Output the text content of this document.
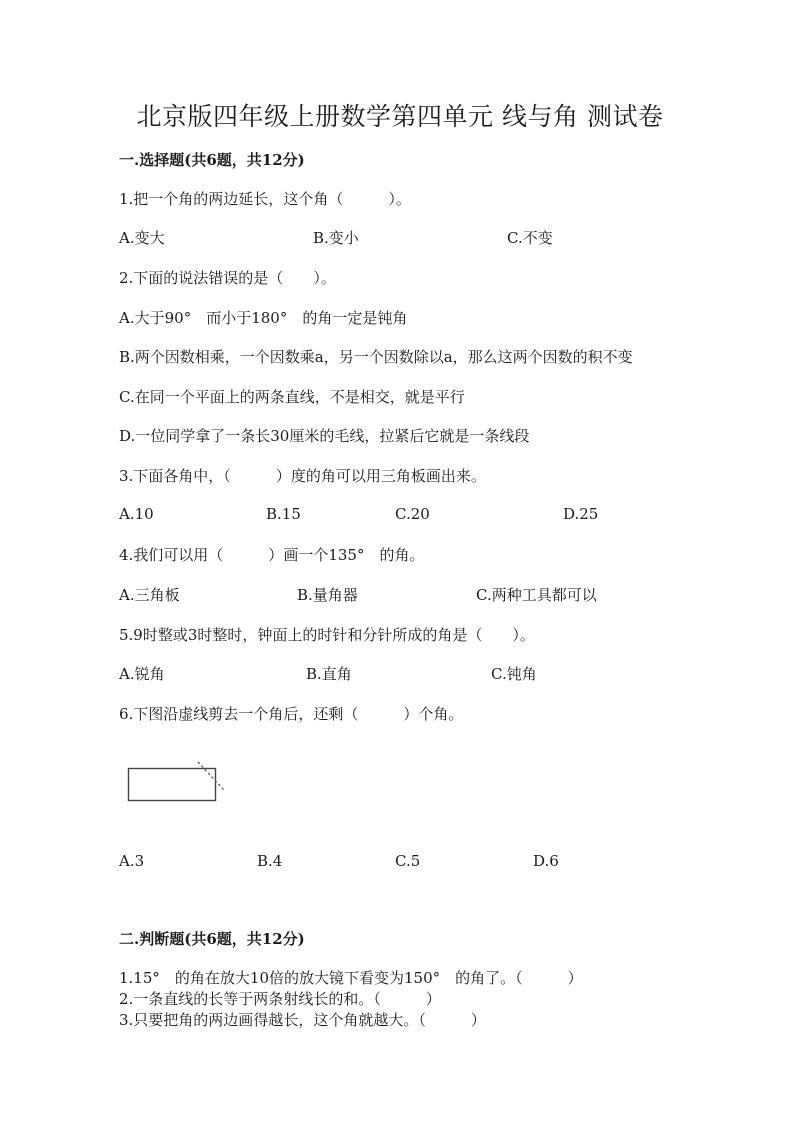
北京版四年级上册数学第四单元 线与角 测试卷
一.选择题(共6题，共12分)
1.把一个角的两边延长，这个角（　　　）。
A.变大	B.变小	C.不变
2.下面的说法错误的是（　　）。
A.大于90°　而小于180°　的角一定是钝角
B.两个因数相乘，一个因数乘a，另一个因数除以a，那么这两个因数的积不变
C.在同一个平面上的两条直线，不是相交，就是平行
D.一位同学拿了一条长30厘米的毛线，拉紧后它就是一条线段
3.下面各角中，（　　　）度的角可以用三角板画出来。
A.10	B.15	C.20	D.25
4.我们可以用（　　　）画一个135°　的角。
A.三角板	B.量角器	C.两种工具都可以
5.9时整或3时整时，钟面上的时针和分针所成的角是（　　）。
A.锐角	B.直角	C.钝角
6.下图沿虚线剪去一个角后，还剩（　　　）个角。
A.3	B.4	C.5	D.6
二.判断题(共6题，共12分)
1.15°　的角在放大10倍的放大镜下看变为150°　的角了。（　　　）
2.一条直线的长等于两条射线长的和。（　　　）
3.只要把角的两边画得越长，这个角就越大。（　　　）
